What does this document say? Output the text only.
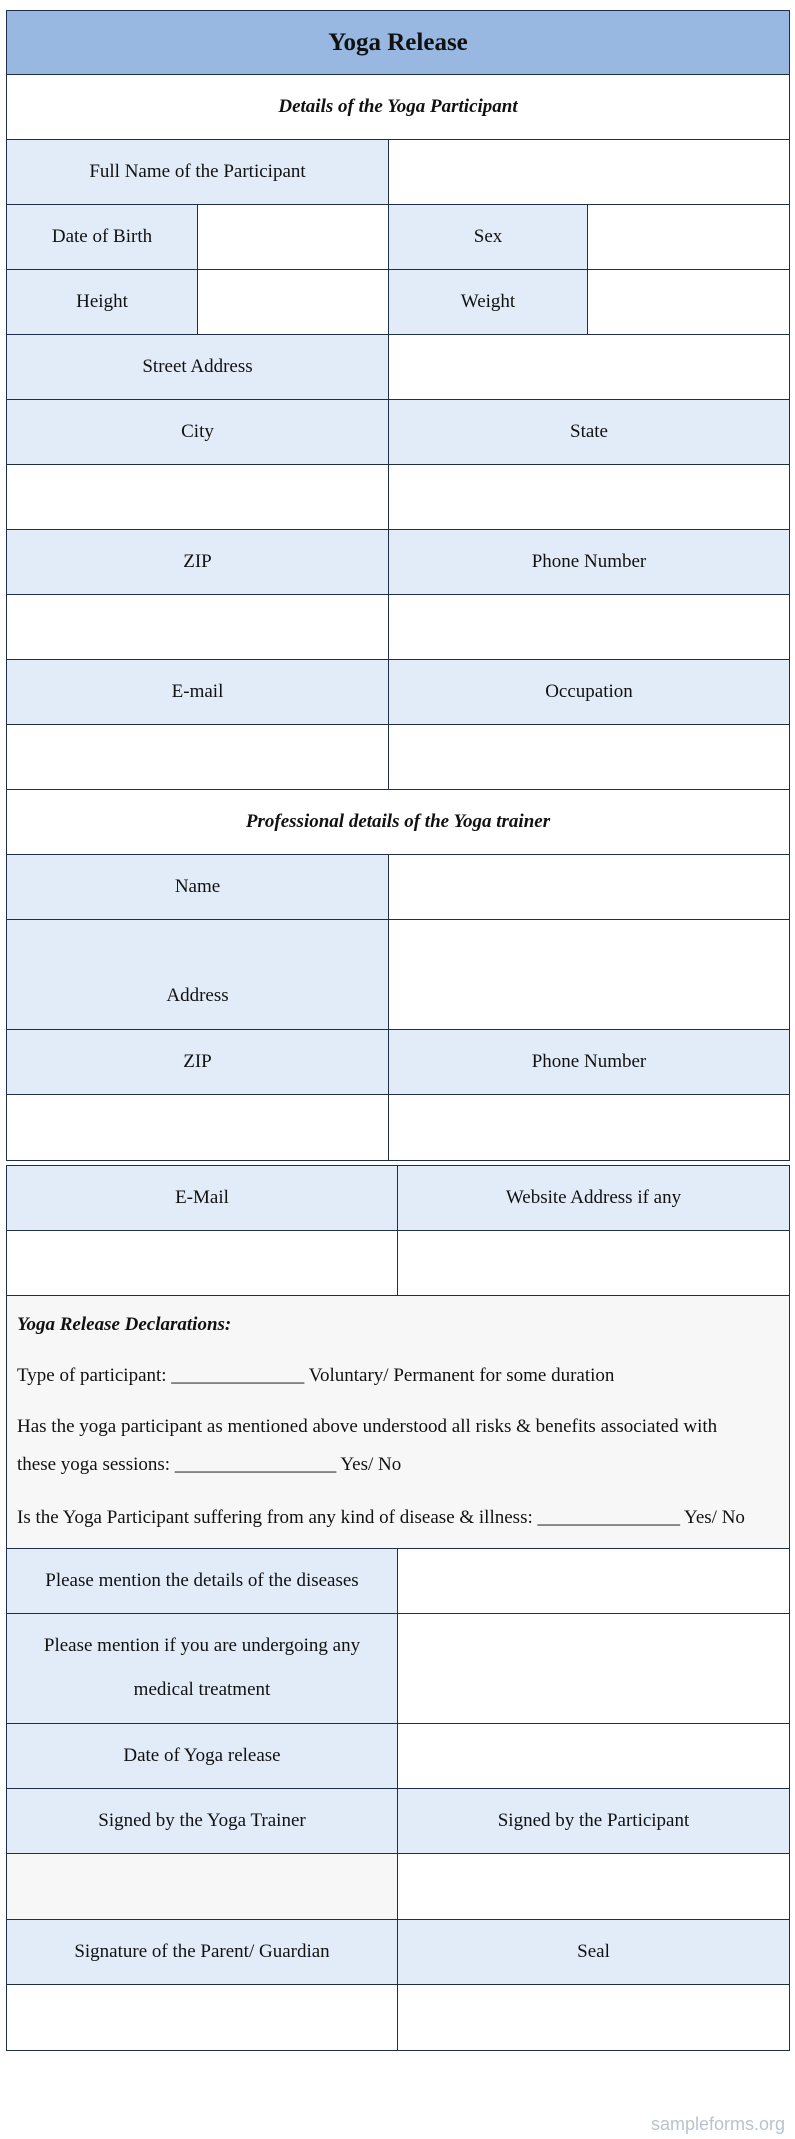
Yoga Release			
Details of the Yoga Participant			
Full Name of the Participant			
Date of Birth		Sex	
Height		Weight	
Street Address			
City		State	

ZIP		Phone Number	

E-mail		Occupation	

Professional details of the Yoga trainer			
Name			
Address			
ZIP		Phone Number	

E-Mail	Website Address if any

Yoga Release Declarations:

Type of participant: ______________ Voluntary/ Permanent for some duration

Has the yoga participant as mentioned above understood all risks & benefits associated with

these yoga sessions: _________________ Yes/ No

Is the Yoga Participant suffering from any kind of disease & illness: _______________ Yes/ No	

Please mention the details of the diseases	

Please mention if you are undergoing any
medical treatment	

Date of Yoga release	
Signed by the Yoga Trainer	Signed by the Participant

Signature of the Parent/ Guardian	Seal

sampleforms.org
